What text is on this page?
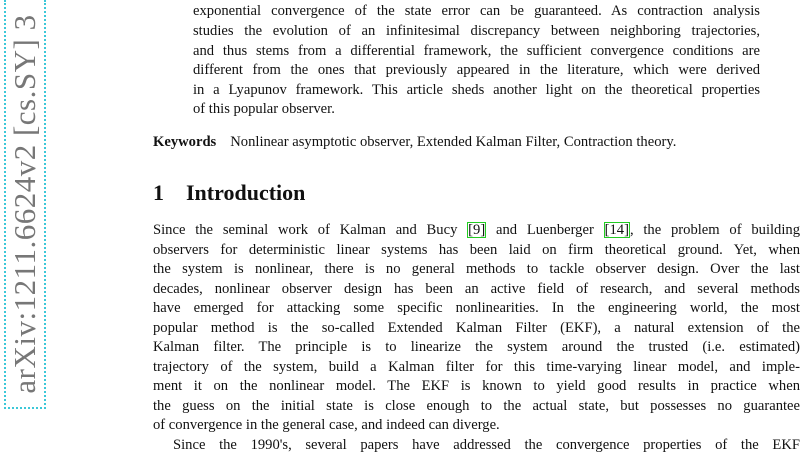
arXiv:1211.6624v2 [cs.SY] 3
exponential convergence of the state error can be guaranteed. As contraction analysis
studies the evolution of an infinitesimal discrepancy between neighboring trajectories,
and thus stems from a differential framework, the sufficient convergence conditions are
different from the ones that previously appeared in the literature, which were derived
in a Lyapunov framework. This article sheds another light on the theoretical properties
of this popular observer.
Keywords Nonlinear asymptotic observer, Extended Kalman Filter, Contraction theory.
1 Introduction
Since the seminal work of Kalman and Bucy [9] and Luenberger [14], the problem of building
observers for deterministic linear systems has been laid on firm theoretical ground. Yet, when
the system is nonlinear, there is no general methods to tackle observer design. Over the last
decades, nonlinear observer design has been an active field of research, and several methods
have emerged for attacking some specific nonlinearities. In the engineering world, the most
popular method is the so-called Extended Kalman Filter (EKF), a natural extension of the
Kalman filter. The principle is to linearize the system around the trusted (i.e. estimated)
trajectory of the system, build a Kalman filter for this time-varying linear model, and imple-
ment it on the nonlinear model. The EKF is known to yield good results in practice when
the guess on the initial state is close enough to the actual state, but possesses no guarantee
of convergence in the general case, and indeed can diverge.
Since the 1990's, several papers have addressed the convergence properties of the EKF
